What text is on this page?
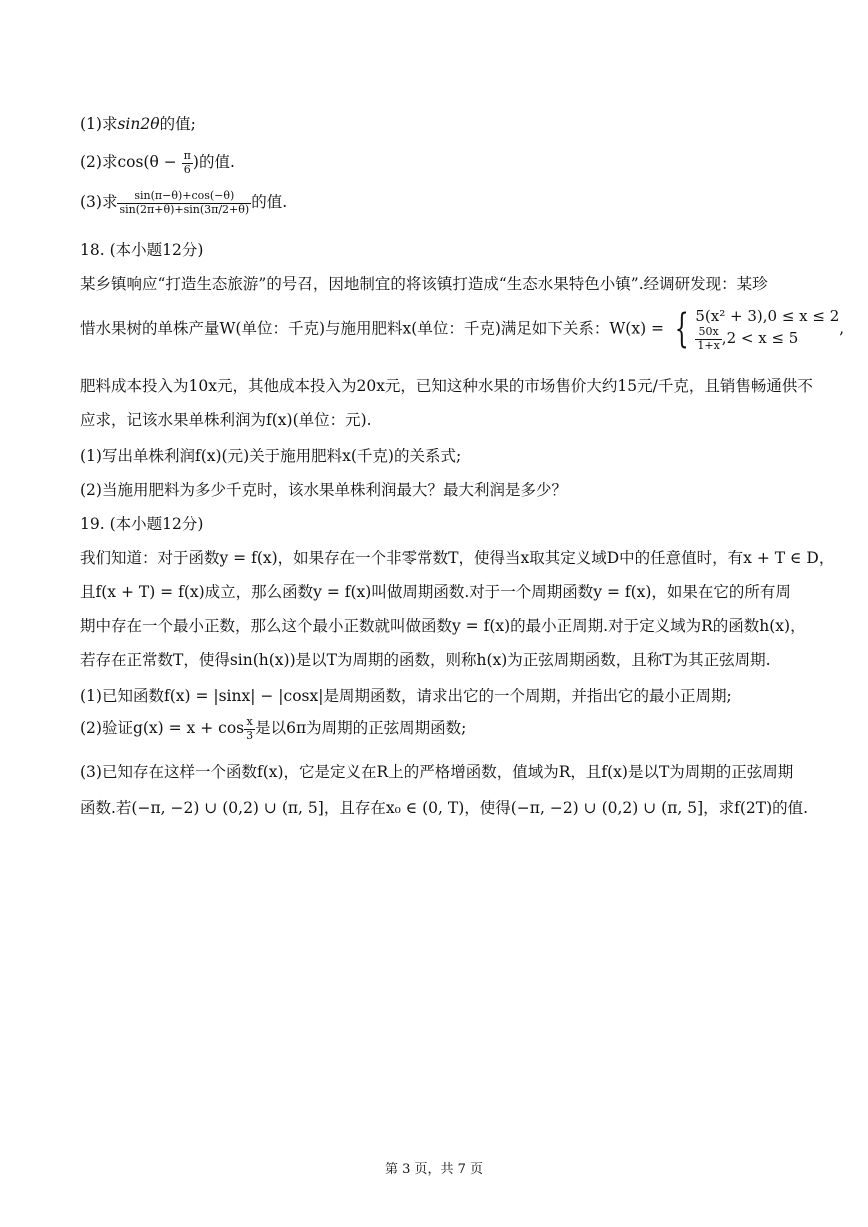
(1)求sin2θ的值;
(2)求$\cos(\theta - \frac{\pi}{6}$ )的值.
(3)求 $\frac{\sin(\pi-\theta)+\cos(-\theta)}{\sin(2\pi+\theta)+\sin(3\pi/2+\theta)}$ 的值.
18. (本小题12分)
某乡镇响应“打造生态旅游”的号召，因地制宜的将该镇打造成“生态水果特色小镇”.经调研发现：某珍
惜水果树的单株产量W(单位：千克)与施用肥料x(单位：千克)满足如下关系：W(x) = { 5(x² + 3),0 ≤ x ≤ 2
$\frac{50x}{1+x} ,2 < x \le 5$
,
肥料成本投入为10x元，其他成本投入为20x元，已知这种水果的市场售价大约15元/千克，且销售畅通供不
应求，记该水果单株利润为f(x)(单位：元).
(1)写出单株利润f(x)(元)关于施用肥料x(千克)的关系式;
(2)当施用肥料为多少千克时，该水果单株利润最大？最大利润是多少？
19. (本小题12分)
我们知道：对于函数y = f(x)，如果存在一个非零常数T，使得当x取其定义域D中的任意值时，有x + T ∈ D，
且f(x + T) = f(x)成立，那么函数y = f(x)叫做周期函数.对于一个周期函数y = f(x)，如果在它的所有周
期中存在一个最小正数，那么这个最小正数就叫做函数y = f(x)的最小正周期.对于定义域为R的函数h(x)，
若存在正常数T，使得sin(h(x))是以T为周期的函数，则称h(x)为正弦周期函数，且称T为其正弦周期.
(1)已知函数f(x) = |sinx| − |cosx|是周期函数，请求出它的一个周期，并指出它的最小正周期;
(2)验证$g(x) = x + \cos \frac{x}{3}$ 是以6π为周期的正弦周期函数;
(3)已知存在这样一个函数f(x)，它是定义在R上的严格增函数，值域为R，且f(x)是以T为周期的正弦周期
函数.若(−π, −2) ∪ (0,2) ∪ (π, 5]，且存在x₀ ∈ (0, T)，使得(−π, −2) ∪ (0,2) ∪ (π, 5]，求f(2T)的值.
第 3 页，共 7 页
